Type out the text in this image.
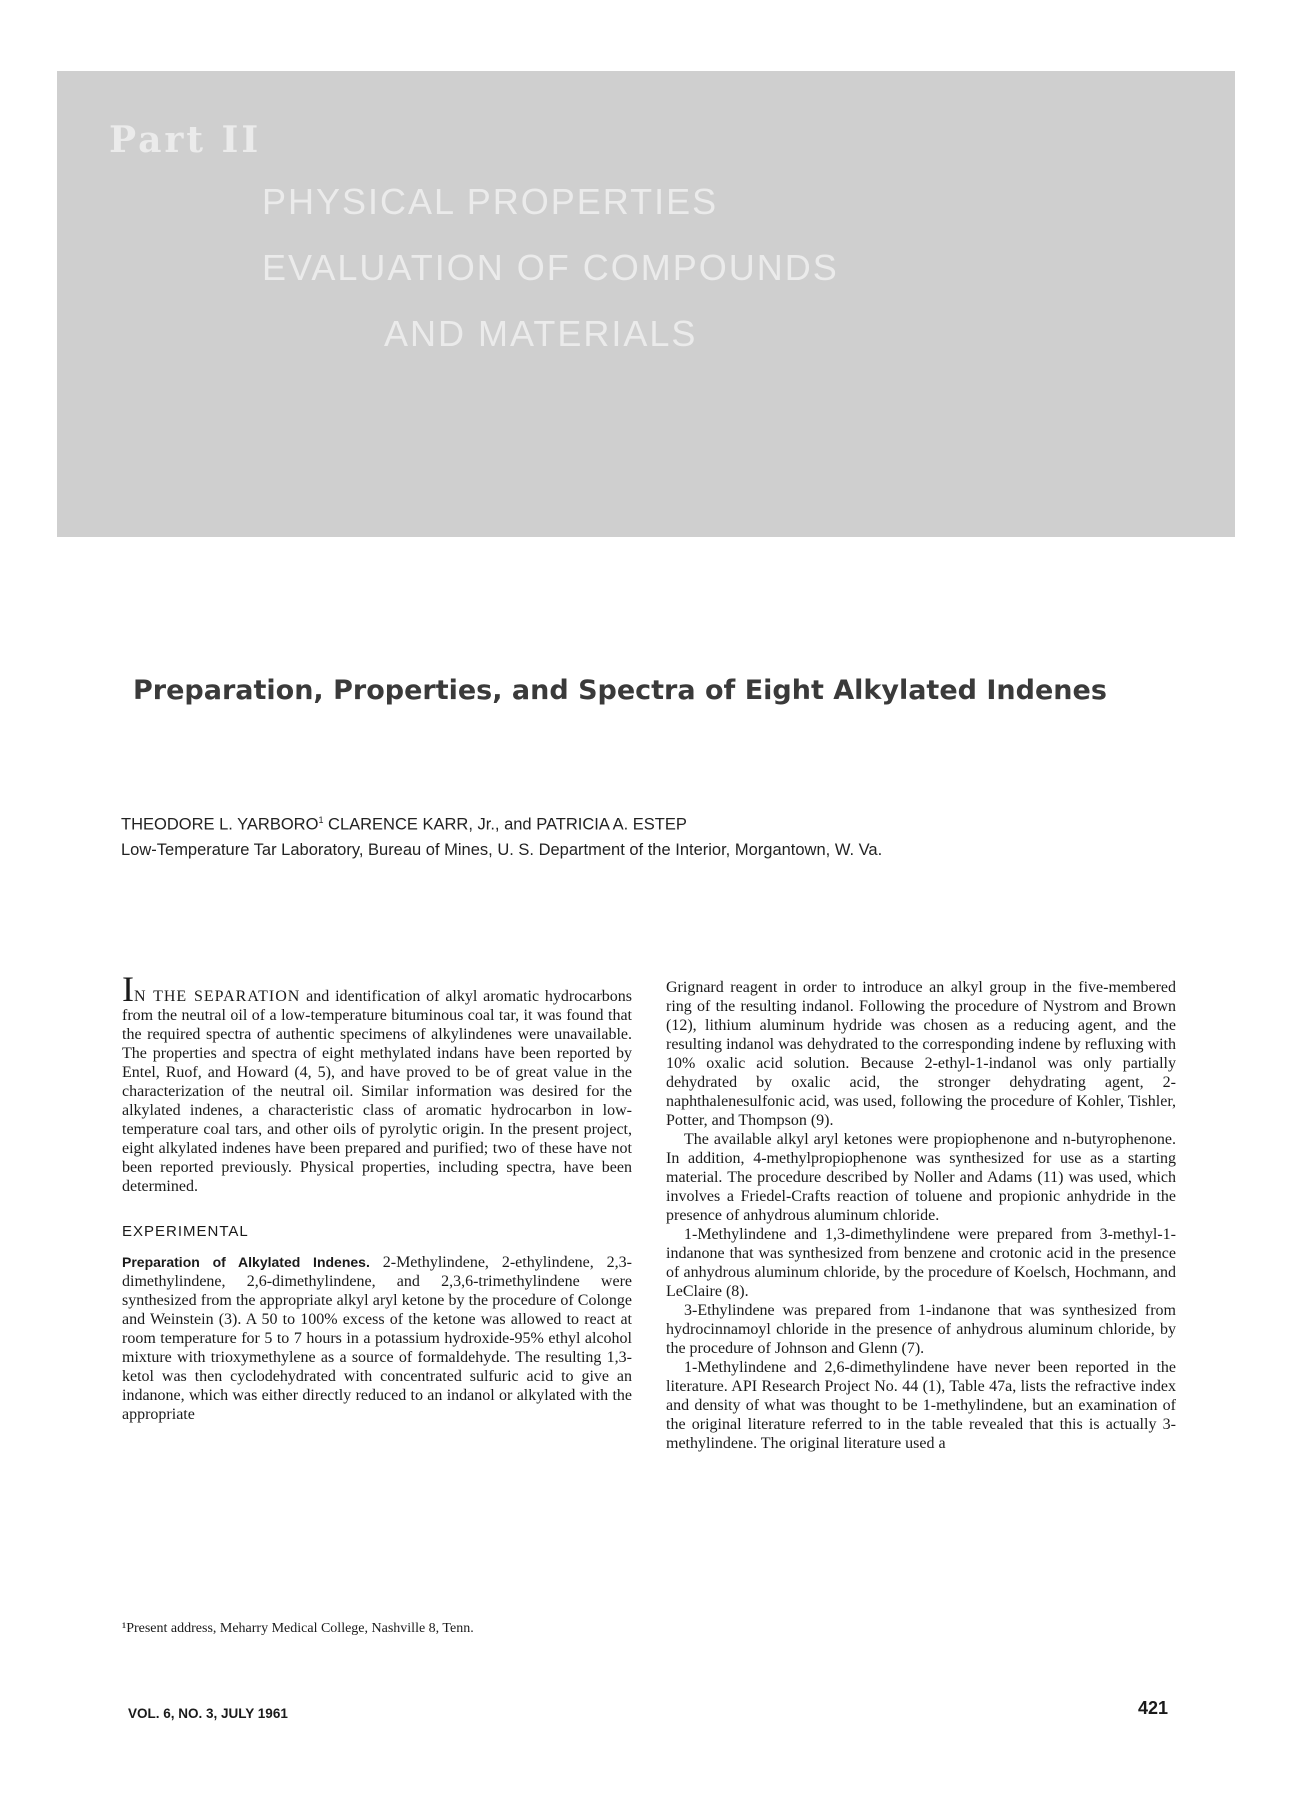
Part II
PHYSICAL PROPERTIES
EVALUATION OF COMPOUNDS
AND MATERIALS
Preparation, Properties, and Spectra of Eight Alkylated Indenes
THEODORE L. YARBORO$^1$ CLARENCE KARR, Jr., and PATRICIA A. ESTEP
Low-Temperature Tar Laboratory, Bureau of Mines, U. S. Department of the Interior, Morgantown, W. Va.

IN THE SEPARATION and identification of alkyl aromatic hydrocarbons from the neutral oil of a low-temperature bituminous coal tar, it was found that the required spectra of authentic specimens of alkylindenes were unavailable. The properties and spectra of eight methylated indans have been reported by Entel, Ruof, and Howard (4, 5), and have proved to be of great value in the characterization of the neutral oil. Similar information was desired for the alkylated indenes, a characteristic class of aromatic hydrocarbon in low-temperature coal tars, and other oils of pyrolytic origin. In the present project, eight alkylated indenes have been prepared and purified; two of these have not been reported previously. Physical properties, including spectra, have been determined.

EXPERIMENTAL

Preparation of Alkylated Indenes. 2-Methylindene, 2-ethylindene, 2,3-dimethylindene, 2,6-dimethylindene, and 2,3,6-trimethylindene were synthesized from the appropriate alkyl aryl ketone by the procedure of Colonge and Weinstein (3). A 50 to 100% excess of the ketone was allowed to react at room temperature for 5 to 7 hours in a potassium hydroxide-95% ethyl alcohol mixture with trioxymethylene as a source of formaldehyde. The resulting 1,3-ketol was then cyclodehydrated with concentrated sulfuric acid to give an indanone, which was either directly reduced to an indanol or alkylated with the appropriate

¹Present address, Meharry Medical College, Nashville 8, Tenn.

Grignard reagent in order to introduce an alkyl group in the five-membered ring of the resulting indanol. Following the procedure of Nystrom and Brown (12), lithium aluminum hydride was chosen as a reducing agent, and the resulting indanol was dehydrated to the corresponding indene by refluxing with 10% oxalic acid solution. Because 2-ethyl-1-indanol was only partially dehydrated by oxalic acid, the stronger dehydrating agent, 2-naphthalenesulfonic acid, was used, following the procedure of Kohler, Tishler, Potter, and Thompson (9).

The available alkyl aryl ketones were propiophenone and n-butyrophenone. In addition, 4-methylpropiophenone was synthesized for use as a starting material. The procedure described by Noller and Adams (11) was used, which involves a Friedel-Crafts reaction of toluene and propionic anhydride in the presence of anhydrous aluminum chloride.

1-Methylindene and 1,3-dimethylindene were prepared from 3-methyl-1-indanone that was synthesized from benzene and crotonic acid in the presence of anhydrous aluminum chloride, by the procedure of Koelsch, Hochmann, and LeClaire (8).

3-Ethylindene was prepared from 1-indanone that was synthesized from hydrocinnamoyl chloride in the presence of anhydrous aluminum chloride, by the procedure of Johnson and Glenn (7).

1-Methylindene and 2,6-dimethylindene have never been reported in the literature. API Research Project No. 44 (1), Table 47a, lists the refractive index and density of what was thought to be 1-methylindene, but an examination of the original literature referred to in the table revealed that this is actually 3-methylindene. The original literature used a

VOL. 6, NO. 3, JULY 1961	421
